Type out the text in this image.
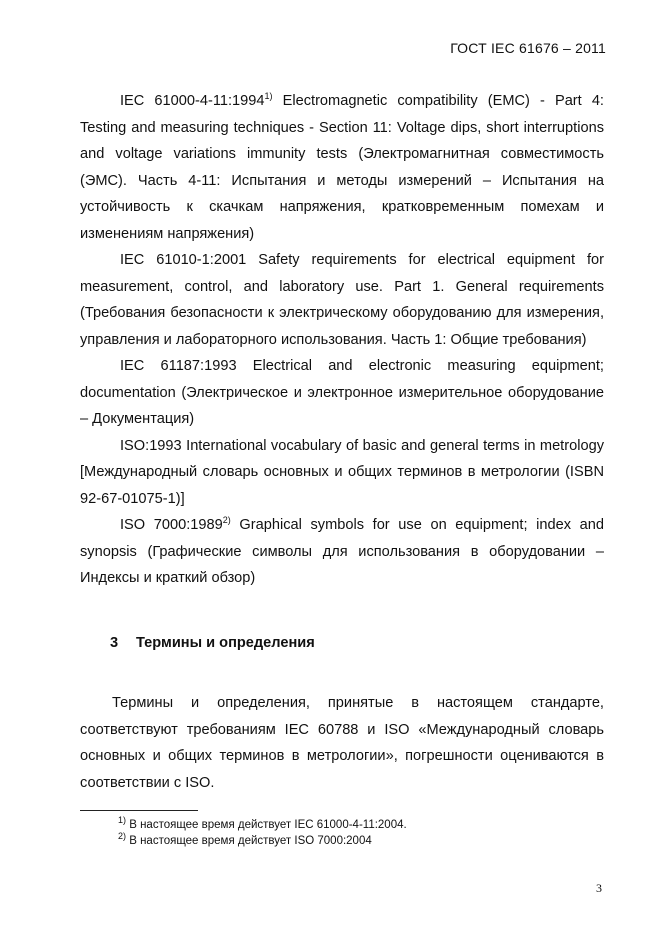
ГОСТ IEC 61676 – 2011

IEC 61000-4-11:1994$^{1)}$ Electromagnetic compatibility (EMC) - Part 4: Testing and measuring techniques - Section 11: Voltage dips, short interruptions and voltage variations immunity tests (Электромагнитная совместимость (ЭМС). Часть 4-11: Испытания и методы измерений – Испытания на устойчивость к скачкам напряжения, кратковременным помехам и изменениям напряжения)

IEC 61010-1:2001 Safety requirements for electrical equipment for measurement, control, and laboratory use. Part 1. General requirements (Требования безопасности к электрическому оборудованию для измерения, управления и лабораторного использования. Часть 1: Общие требования)

IEC 61187:1993 Electrical and electronic measuring equipment; documentation (Электрическое и электронное измерительное оборудование – Документация)

ISO:1993 International vocabulary of basic and general terms in metrology [Международный словарь основных и общих терминов в метрологии (ISBN 92-67-01075-1)]

ISO 7000:1989$^{2)}$ Graphical symbols for use on equipment; index and synopsis (Графические символы для использования в оборудовании – Индексы и краткий обзор)

3 Термины и определения

Термины и определения, принятые в настоящем стандарте, соответствуют требованиям IEC 60788 и ISO «Международный словарь основных и общих терминов в метрологии», погрешности оцениваются в соответствии с ISO.

$^{1)}$ В настоящее время действует IEC 61000-4-11:2004.

$^{2)}$ В настоящее время действует ISO 7000:2004

3
